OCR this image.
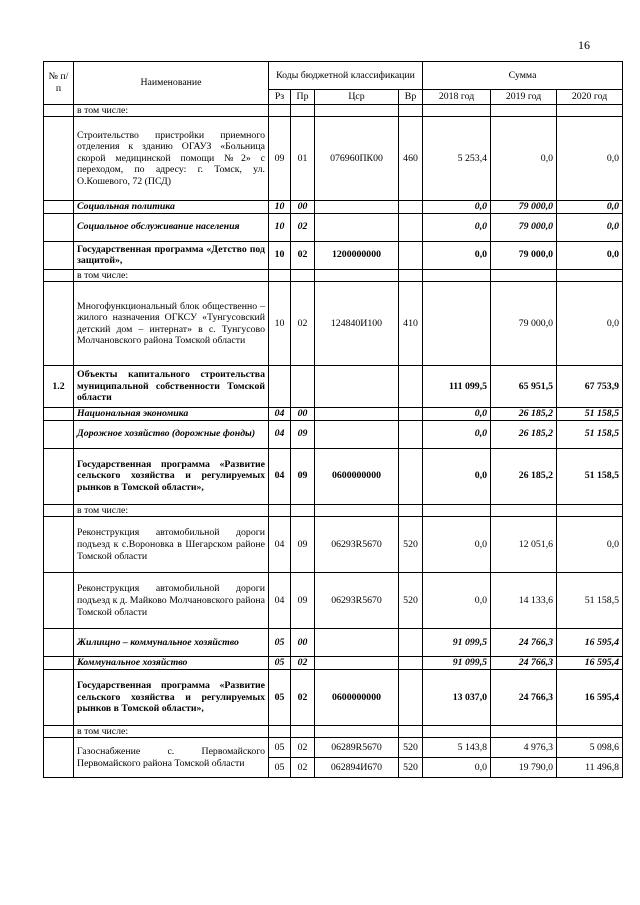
16
№ п/п	Наименование	Коды бюджетной классификации				Сумма		
		Рз	Пр	Цср	Вр	2018 год	2019 год	2020 год
	в том числе:							
	Строительство пристройки приемного отделения к зданию ОГАУЗ «Больница скорой медицинской помощи №2» с переходом, по адресу: г. Томск, ул. О.Кошевого, 72 (ПСД)	09	01	076960ПК00	460	5 253,4	0,0	0,0
	Социальная политика	10	00			0,0	79 000,0	0,0
	Социальное обслуживание населения	10	02			0,0	79 000,0	0,0
	Государственная программа «Детство под защитой»,	10	02	1200000000		0,0	79 000,0	0,0
	в том числе:							
	Многофункциональный блок общественно – жилого назначения ОГКСУ «Тунгусовский детский дом – интернат» в с. Тунгусово Молчановского района Томской области	10	02	124840И100	410		79 000,0	0,0
1.2	Объекты капитального строительства муниципальной собственности Томской области					111 099,5	65 951,5	67 753,9
	Национальная экономика	04	00			0,0	26 185,2	51 158,5
	Дорожное хозяйство (дорожные фонды)	04	09			0,0	26 185,2	51 158,5
	Государственная программа «Развитие сельского хозяйства и регулируемых рынков в Томской области»,	04	09	0600000000		0,0	26 185,2	51 158,5
	в том числе:							
	Реконструкция автомобильной дороги подъезд к с.Вороновка в Шегарском районе Томской области	04	09	06293R5670	520	0,0	12 051,6	0,0
	Реконструкция автомобильной дороги подъезд к д. Майково Молчановского района Томской области	04	09	06293R5670	520	0,0	14 133,6	51 158,5
	Жилищно – коммунальное хозяйство	05	00			91 099,5	24 766,3	16 595,4
	Коммунальное хозяйство	05	02			91 099,5	24 766,3	16 595,4
	Государственная программа «Развитие сельского хозяйства и регулируемых рынков в Томской области»,	05	02	0600000000		13 037,0	24 766,3	16 595,4
	в том числе:							
	Газоснабжение с. Первомайского Первомайского района Томской области	05	02	06289R5670	520	5 143,8	4 976,3	5 098,6
		05	02	062894И670	520	0,0	19 790,0	11 496,8
